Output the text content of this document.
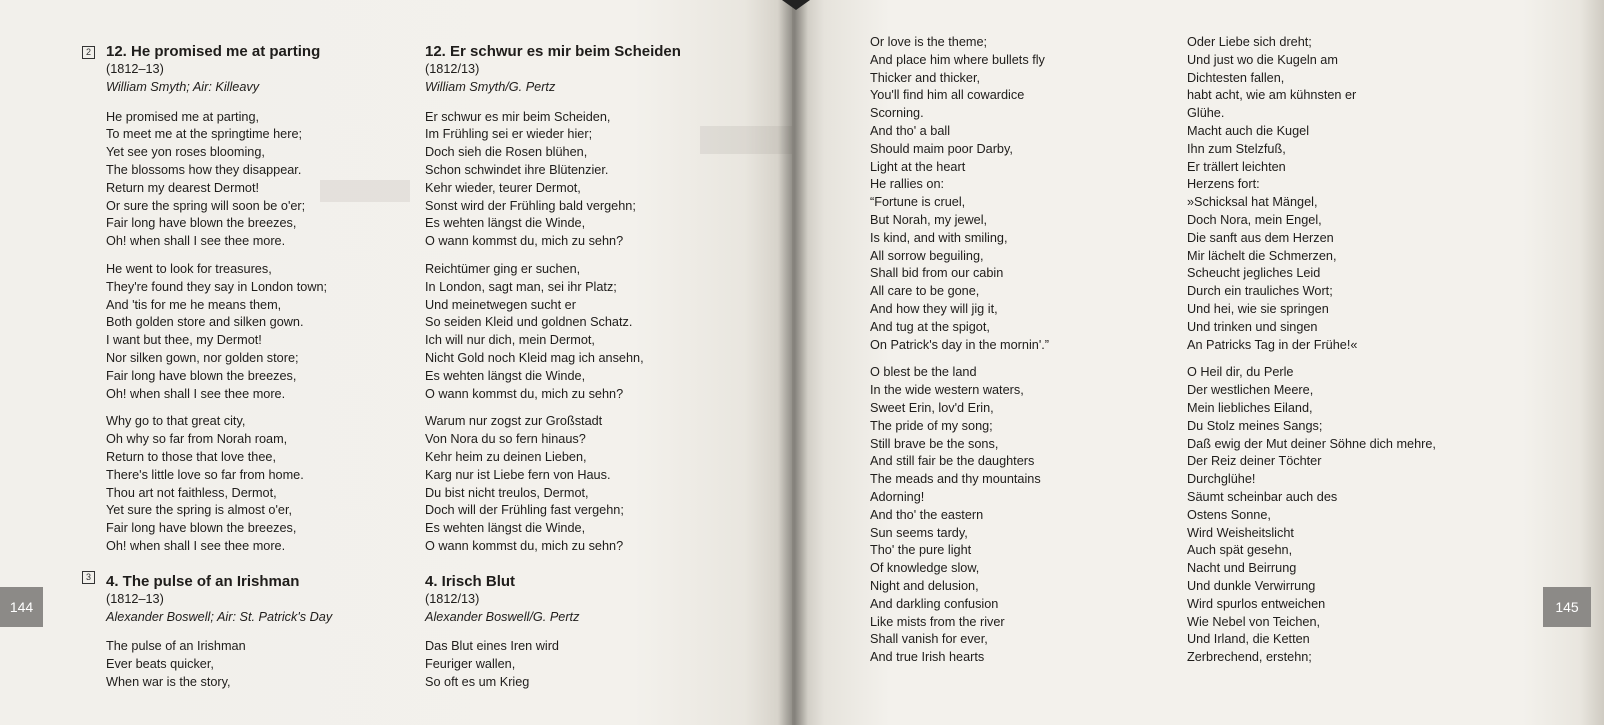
2 12. He promised me at parting
(1812–13)
William Smyth; Air: Killeavy
He promised me at parting,
To meet me at the springtime here;
Yet see yon roses blooming,
The blossoms how they disappear.
Return my dearest Dermot!
Or sure the spring will soon be o'er;
Fair long have blown the breezes,
Oh! when shall I see thee more.
He went to look for treasures,
They're found they say in London town;
And 'tis for me he means them,
Both golden store and silken gown.
I want but thee, my Dermot!
Nor silken gown, nor golden store;
Fair long have blown the breezes,
Oh! when shall I see thee more.
Why go to that great city,
Oh why so far from Norah roam,
Return to those that love thee,
There's little love so far from home.
Thou art not faithless, Dermot,
Yet sure the spring is almost o'er,
Fair long have blown the breezes,
Oh! when shall I see thee more.
4. The pulse of an Irishman
(1812–13)
Alexander Boswell; Air: St. Patrick's Day
The pulse of an Irishman
Ever beats quicker,
When war is the story,
3
12. Er schwur es mir beim Scheiden
(1812/13)
William Smyth/G. Pertz
Er schwur es mir beim Scheiden,
Im Frühling sei er wieder hier;
Doch sieh die Rosen blühen,
Schon schwindet ihre Blütenzier.
Kehr wieder, teurer Dermot,
Sonst wird der Frühling bald vergehn;
Es wehten längst die Winde,
O wann kommst du, mich zu sehn?
Reichtümer ging er suchen,
In London, sagt man, sei ihr Platz;
Und meinetwegen sucht er
So seiden Kleid und goldnen Schatz.
Ich will nur dich, mein Dermot,
Nicht Gold noch Kleid mag ich ansehn,
Es wehten längst die Winde,
O wann kommst du, mich zu sehn?
Warum nur zogst zur Großstadt
Von Nora du so fern hinaus?
Kehr heim zu deinen Lieben,
Karg nur ist Liebe fern von Haus.
Du bist nicht treulos, Dermot,
Doch will der Frühling fast vergehn;
Es wehten längst die Winde,
O wann kommst du, mich zu sehn?
4. Irisch Blut
(1812/13)
Alexander Boswell/G. Pertz
Das Blut eines Iren wird
Feuriger wallen,
So oft es um Krieg
144
Or love is the theme;
And place him where bullets fly
Thicker and thicker,
You'll find him all cowardice
Scorning.
And tho' a ball
Should maim poor Darby,
Light at the heart
He rallies on:
“Fortune is cruel,
But Norah, my jewel,
Is kind, and with smiling,
All sorrow beguiling,
Shall bid from our cabin
All care to be gone,
And how they will jig it,
And tug at the spigot,
On Patrick's day in the mornin'.”
O blest be the land
In the wide western waters,
Sweet Erin, lov'd Erin,
The pride of my song;
Still brave be the sons,
And still fair be the daughters
The meads and thy mountains
Adorning!
And tho' the eastern
Sun seems tardy,
Tho' the pure light
Of knowledge slow,
Night and delusion,
And darkling confusion
Like mists from the river
Shall vanish for ever,
And true Irish hearts
Oder Liebe sich dreht;
Und just wo die Kugeln am
Dichtesten fallen,
habt acht, wie am kühnsten er
Glühe.
Macht auch die Kugel
Ihn zum Stelzfuß,
Er trällert leichten
Herzens fort:
»Schicksal hat Mängel,
Doch Nora, mein Engel,
Die sanft aus dem Herzen
Mir lächelt die Schmerzen,
Scheucht jegliches Leid
Durch ein trauliches Wort;
Und hei, wie sie springen
Und trinken und singen
An Patricks Tag in der Frühe!«
O Heil dir, du Perle
Der westlichen Meere,
Mein liebliches Eiland,
Du Stolz meines Sangs;
Daß ewig der Mut deiner Söhne dich mehre,
Der Reiz deiner Töchter
Durchglühe!
Säumt scheinbar auch des
Ostens Sonne,
Wird Weisheitslicht
Auch spät gesehn,
Nacht und Beirrung
Und dunkle Verwirrung
Wird spurlos entweichen
Wie Nebel von Teichen,
Und Irland, die Ketten
Zerbrechend, erstehn;
145
